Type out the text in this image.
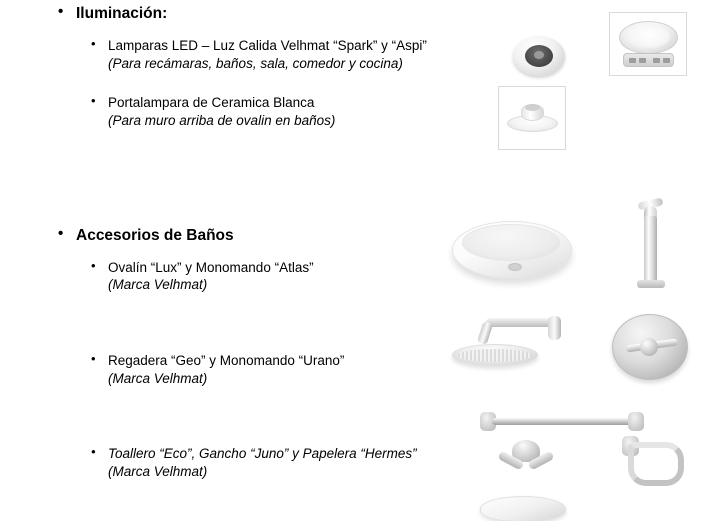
• Iluminación:

• Lamparas LED – Luz Calida Velhmat “Spark” y “Aspi”

(Para recámaras, baños, sala, comedor y cocina)

• Portalampara de Ceramica Blanca

(Para muro arriba de ovalin en baños)

• Accesorios de Baños

• Ovalín “Lux” y Monomando “Atlas”

(Marca Velhmat)

• Regadera “Geo” y Monomando “Urano”

(Marca Velhmat)

• Toallero “Eco”, Gancho “Juno” y Papelera “Hermes”

(Marca Velhmat)
